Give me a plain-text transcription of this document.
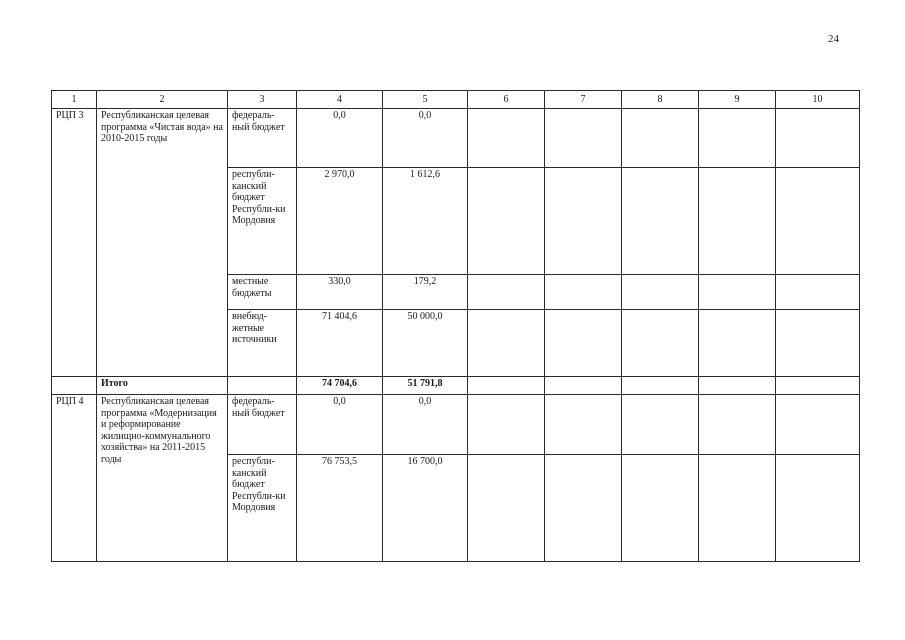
24
1	2	3	4	5	6	7	8	9	10
РЦП 3	Республиканская целевая программа «Чистая вода» на 2010-2015 годы	федераль-ный бюджет	0,0	0,0					
		республи-канский бюджет Республи-ки Мордовия	2 970,0	1 612,6					
		местные бюджеты	330,0	179,2					
		внебюд-жетные источники	71 404,6	50 000,0					
	Итого		74 704,6	51 791,8					
РЦП 4	Республиканская целевая программа «Модернизация и реформирование жилищно-коммунального хозяйства» на 2011-2015 годы	федераль-ный бюджет	0,0	0,0					
		республи-канский бюджет Республи-ки Мордовия	76 753,5	16 700,0					
